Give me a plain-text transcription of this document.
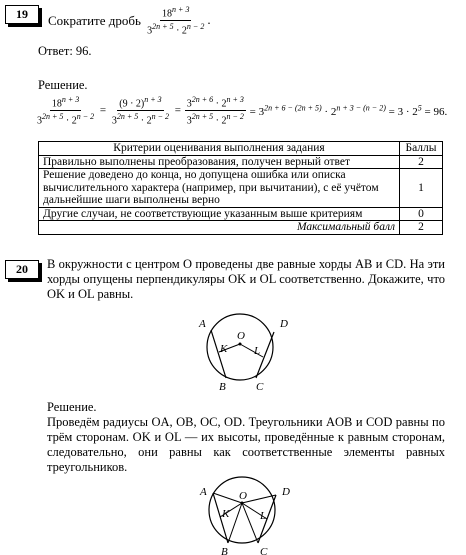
19	Сократите дробь $\frac{18^{n + 3}}{3^{2n + 5} \cdot 2^{n - 2}}$ .
Ответ: 96.
Решение.
$\frac{18^{n + 3}}{3^{2n + 5} \cdot 2^{n - 2}} = \frac{(9 \cdot 2)^{n + 3}}{3^{2n + 5} \cdot 2^{n - 2}} = \frac{3^{2n + 6} \cdot 2^{n + 3}}{3^{2n + 5} \cdot 2^{n - 2}} = 3^{2n + 6 - (2n + 5)} \cdot 2^{n + 3 - (n - 2)} = 3 \cdot 2^5 = 96$.
Критерии оценивания выполнения задания	Баллы
Правильно выполнены преобразования, получен верный ответ	2
Решение доведено до конца, но допущена ошибка или описка вычислительного характера (например, при вычитании), с её учётом дальнейшие шаги выполнены верно	1
Другие случаи, не соответствующие указанным выше критериям	0
Максимальный балл	2
20	В окружности с центром O проведены две равные хорды AB и CD. На эти хорды опущены перпендикуляры OK и OL соответственно. Докажите, что OK и OL равны.
A
B	C
D
O
K L
Решение.
Проведём радиусы OA, OB, OC, OD. Треугольники AOB и COD равны по трём сторонам. OK и OL — их высоты, проведённые к равным сторонам, следовательно, они равны как соответственные элементы равных треугольников.
A
B	C
D
O
K	L
